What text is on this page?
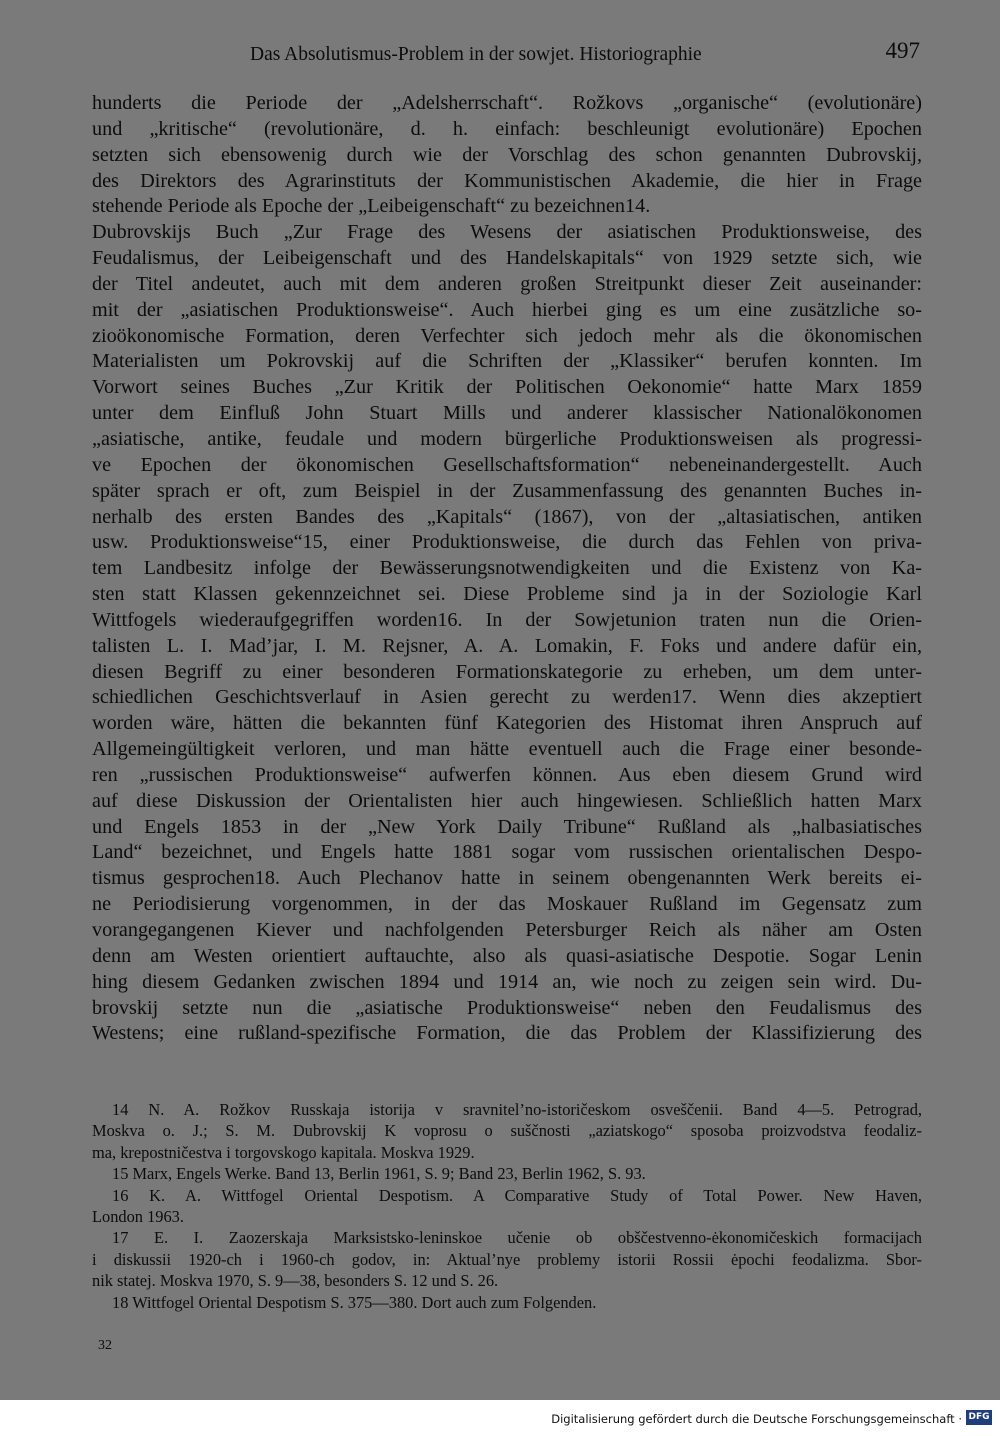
Das Absolutismus-Problem in der sowjet. Historiographie	497
hunderts die Periode der „Adelsherrschaft“. Rožkovs „organische“ (evolutionäre)
und „kritische“ (revolutionäre, d. h. einfach: beschleunigt evolutionäre) Epochen
setzten sich ebensowenig durch wie der Vorschlag des schon genannten Dubrovskij,
des Direktors des Agrarinstituts der Kommunistischen Akademie, die hier in Frage
stehende Periode als Epoche der „Leibeigenschaft“ zu bezeichnen14.
Dubrovskijs Buch „Zur Frage des Wesens der asiatischen Produktionsweise, des
Feudalismus, der Leibeigenschaft und des Handelskapitals“ von 1929 setzte sich, wie
der Titel andeutet, auch mit dem anderen großen Streitpunkt dieser Zeit auseinander:
mit der „asiatischen Produktionsweise“. Auch hierbei ging es um eine zusätzliche so-
zioökonomische Formation, deren Verfechter sich jedoch mehr als die ökonomischen
Materialisten um Pokrovskij auf die Schriften der „Klassiker“ berufen konnten. Im
Vorwort seines Buches „Zur Kritik der Politischen Oekonomie“ hatte Marx 1859
unter dem Einfluß John Stuart Mills und anderer klassischer Nationalökonomen
„asiatische, antike, feudale und modern bürgerliche Produktionsweisen als progressi-
ve Epochen der ökonomischen Gesellschaftsformation“ nebeneinandergestellt. Auch
später sprach er oft, zum Beispiel in der Zusammenfassung des genannten Buches in-
nerhalb des ersten Bandes des „Kapitals“ (1867), von der „altasiatischen, antiken
usw. Produktionsweise“15, einer Produktionsweise, die durch das Fehlen von priva-
tem Landbesitz infolge der Bewässerungsnotwendigkeiten und die Existenz von Ka-
sten statt Klassen gekennzeichnet sei. Diese Probleme sind ja in der Soziologie Karl
Wittfogels wiederaufgegriffen worden16. In der Sowjetunion traten nun die Orien-
talisten L. I. Mad’jar, I. M. Rejsner, A. A. Lomakin, F. Foks und andere dafür ein,
diesen Begriff zu einer besonderen Formationskategorie zu erheben, um dem unter-
schiedlichen Geschichtsverlauf in Asien gerecht zu werden17. Wenn dies akzeptiert
worden wäre, hätten die bekannten fünf Kategorien des Histomat ihren Anspruch auf
Allgemeingültigkeit verloren, und man hätte eventuell auch die Frage einer besonde-
ren „russischen Produktionsweise“ aufwerfen können. Aus eben diesem Grund wird
auf diese Diskussion der Orientalisten hier auch hingewiesen. Schließlich hatten Marx
und Engels 1853 in der „New York Daily Tribune“ Rußland als „halbasiatisches
Land“ bezeichnet, und Engels hatte 1881 sogar vom russischen orientalischen Despo-
tismus gesprochen18. Auch Plechanov hatte in seinem obengenannten Werk bereits ei-
ne Periodisierung vorgenommen, in der das Moskauer Rußland im Gegensatz zum
vorangegangenen Kiever und nachfolgenden Petersburger Reich als näher am Osten
denn am Westen orientiert auftauchte, also als quasi-asiatische Despotie. Sogar Lenin
hing diesem Gedanken zwischen 1894 und 1914 an, wie noch zu zeigen sein wird. Du-
brovskij setzte nun die „asiatische Produktionsweise“ neben den Feudalismus des
Westens; eine rußland-spezifische Formation, die das Problem der Klassifizierung des
14 N. A. Rožkov Russkaja istorija v sravnitel’no-istoričeskom osveščenii. Band 4—5. Petrograd,
Moskva o. J.; S. M. Dubrovskij K voprosu o suščnosti „aziatskogo“ sposoba proizvodstva feodaliz-
ma, krepostničestva i torgovskogo kapitala. Moskva 1929.
15 Marx, Engels Werke. Band 13, Berlin 1961, S. 9; Band 23, Berlin 1962, S. 93.
16 K. A. Wittfogel Oriental Despotism. A Comparative Study of Total Power. New Haven,
London 1963.
17 E. I. Zaozerskaja Marksistsko-leninskoe učenie ob obščestvenno-ėkonomičeskich formacijach
i diskussii 1920-ch i 1960-ch godov, in: Aktual’nye problemy istorii Rossii ėpochi feodalizma. Sbor-
nik statej. Moskva 1970, S. 9—38, besonders S. 12 und S. 26.
18 Wittfogel Oriental Despotism S. 375—380. Dort auch zum Folgenden.
32
Digitalisierung gefördert durch die Deutsche Forschungsgemeinschaft · DFG
